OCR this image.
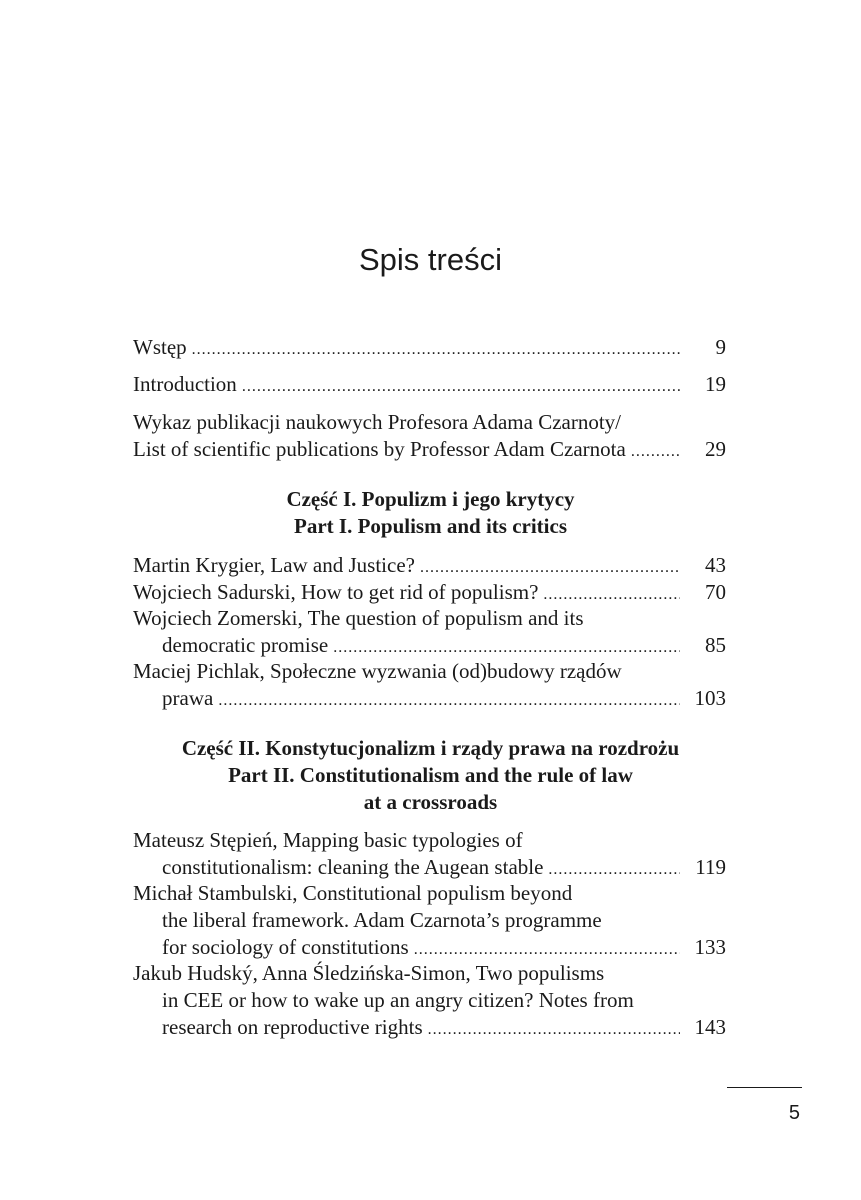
Spis treści
Wstęp .....	9
Introduction .....	19
Wykaz publikacji naukowych Profesora Adama Czarnoty/
List of scientific publications by Professor Adam Czarnota .....	29
Część I. Populizm i jego krytycy
Part I. Populism and its critics
Martin Krygier, Law and Justice? .....	43
Wojciech Sadurski, How to get rid of populism? .....	70
Wojciech Zomerski, The question of populism and its
democratic promise .....	85
Maciej Pichlak, Społeczne wyzwania (od)budowy rządów
prawa .....	103
Część II. Konstytucjonalizm i rządy prawa na rozdrożu
Part II. Constitutionalism and the rule of law
at a crossroads
Mateusz Stępień, Mapping basic typologies of
constitutionalism: cleaning the Augean stable .....	119
Michał Stambulski, Constitutional populism beyond
the liberal framework. Adam Czarnota’s programme
for sociology of constitutions .....	133
Jakub Hudský, Anna Śledzińska-Simon, Two populisms
in CEE or how to wake up an angry citizen? Notes from
research on reproductive rights .....	143
5
